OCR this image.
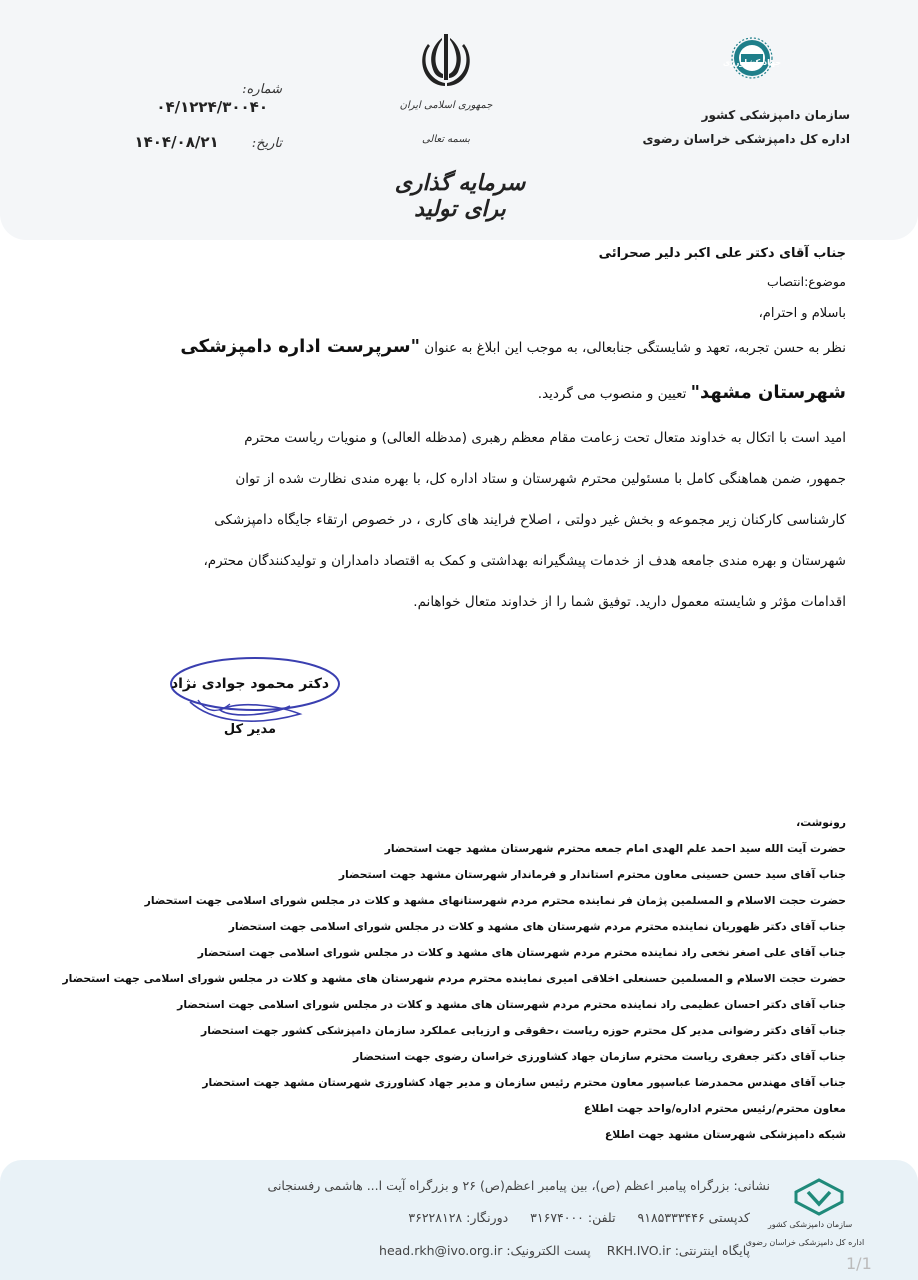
شماره: ۰۴/۱۲۲۴/۳۰۰۴۰
تاریخ: ۱۴۰۴/۰۸/۲۱
جمهوری اسلامی ایران
بسمه تعالی
سرمایه گذاری برای تولید
جهاد کشاورزی
سازمان دامپزشکی کشور
اداره کل دامپزشکی خراسان رضوی
جناب آقای دکتر علی اکبر دلیر صحرائی
موضوع:انتصاب
باسلام و احترام،
نظر به حسن تجربه، تعهد و شایستگی جنابعالی، به موجب این ابلاغ به عنوان "سرپرست اداره دامپزشکی
شهرستان مشهد" تعیین و منصوب می گردید.
امید است با اتکال به خداوند متعال تحت زعامت مقام معظم رهبری (مدظله العالی) و منویات ریاست محترم
جمهور، ضمن هماهنگی کامل با مسئولین محترم شهرستان و ستاد اداره کل، با بهره مندی نظارت شده از توان
کارشناسی کارکنان زیر مجموعه و بخش غیر دولتی ، اصلاح فرایند های کاری ، در خصوص ارتقاء جایگاه دامپزشکی
شهرستان و بهره مندی جامعه هدف از خدمات پیشگیرانه بهداشتی و کمک به اقتصاد دامداران و تولیدکنندگان محترم،
اقدامات مؤثر و شایسته معمول دارید. توفیق شما را از خداوند متعال خواهانم.
دکتر محمود جوادی نژاد
مدیر کل
رونوشت،
حضرت آیت الله سید احمد علم الهدی امام جمعه محترم شهرستان مشهد جهت استحضار
جناب آقای سید حسن حسینی معاون محترم استاندار و فرماندار شهرستان مشهد جهت استحضار
حضرت حجت الاسلام و المسلمین پژمان فر نماینده محترم مردم شهرستانهای مشهد و کلات در مجلس شورای اسلامی جهت استحضار
جناب آقای دکتر ظهوریان نماینده محترم مردم شهرستان های مشهد و کلات در مجلس شورای اسلامی جهت استحضار
جناب آقای علی اصغر نخعی راد نماینده محترم مردم شهرستان های مشهد و کلات در مجلس شورای اسلامی جهت استحضار
حضرت حجت الاسلام و المسلمین حسنعلی اخلاقی امیری نماینده محترم مردم شهرستان های مشهد و کلات در مجلس شورای اسلامی جهت استحضار
جناب آقای دکتر احسان عظیمی راد نماینده محترم مردم شهرستان های مشهد و کلات در مجلس شورای اسلامی جهت استحضار
جناب آقای دکتر رضوانی مدیر کل محترم حوزه ریاست ،حقوقی و ارزیابی عملکرد سازمان دامپزشکی کشور جهت استحضار
جناب آقای دکتر جعفری ریاست محترم سازمان جهاد کشاورزی خراسان رضوی جهت استحضار
جناب آقای مهندس محمدرضا عباسپور معاون محترم رئیس سازمان و مدیر جهاد کشاورزی شهرستان مشهد جهت استحضار
معاون محترم/رئیس محترم اداره/واحد جهت اطلاع
شبکه دامپزشکی شهرستان مشهد جهت اطلاع
نشانی: بزرگراه پیامبر اعظم (ص)، بین پیامبر اعظم(ص) ۲۶ و بزرگراه آیت ا... هاشمی رفسنجانی
کدپستی ۹۱۸۵۳۳۳۴۴۶ تلفن: ۳۱۶۷۴۰۰۰ دورنگار: ۳۶۲۲۸۱۲۸
پایگاه اینترنتی: RKH.IVO.ir پست الکترونیک: head.rkh@ivo.org.ir
سازمان دامپزشکی کشور
اداره کل دامپزشکی خراسان رضوی
1/1
